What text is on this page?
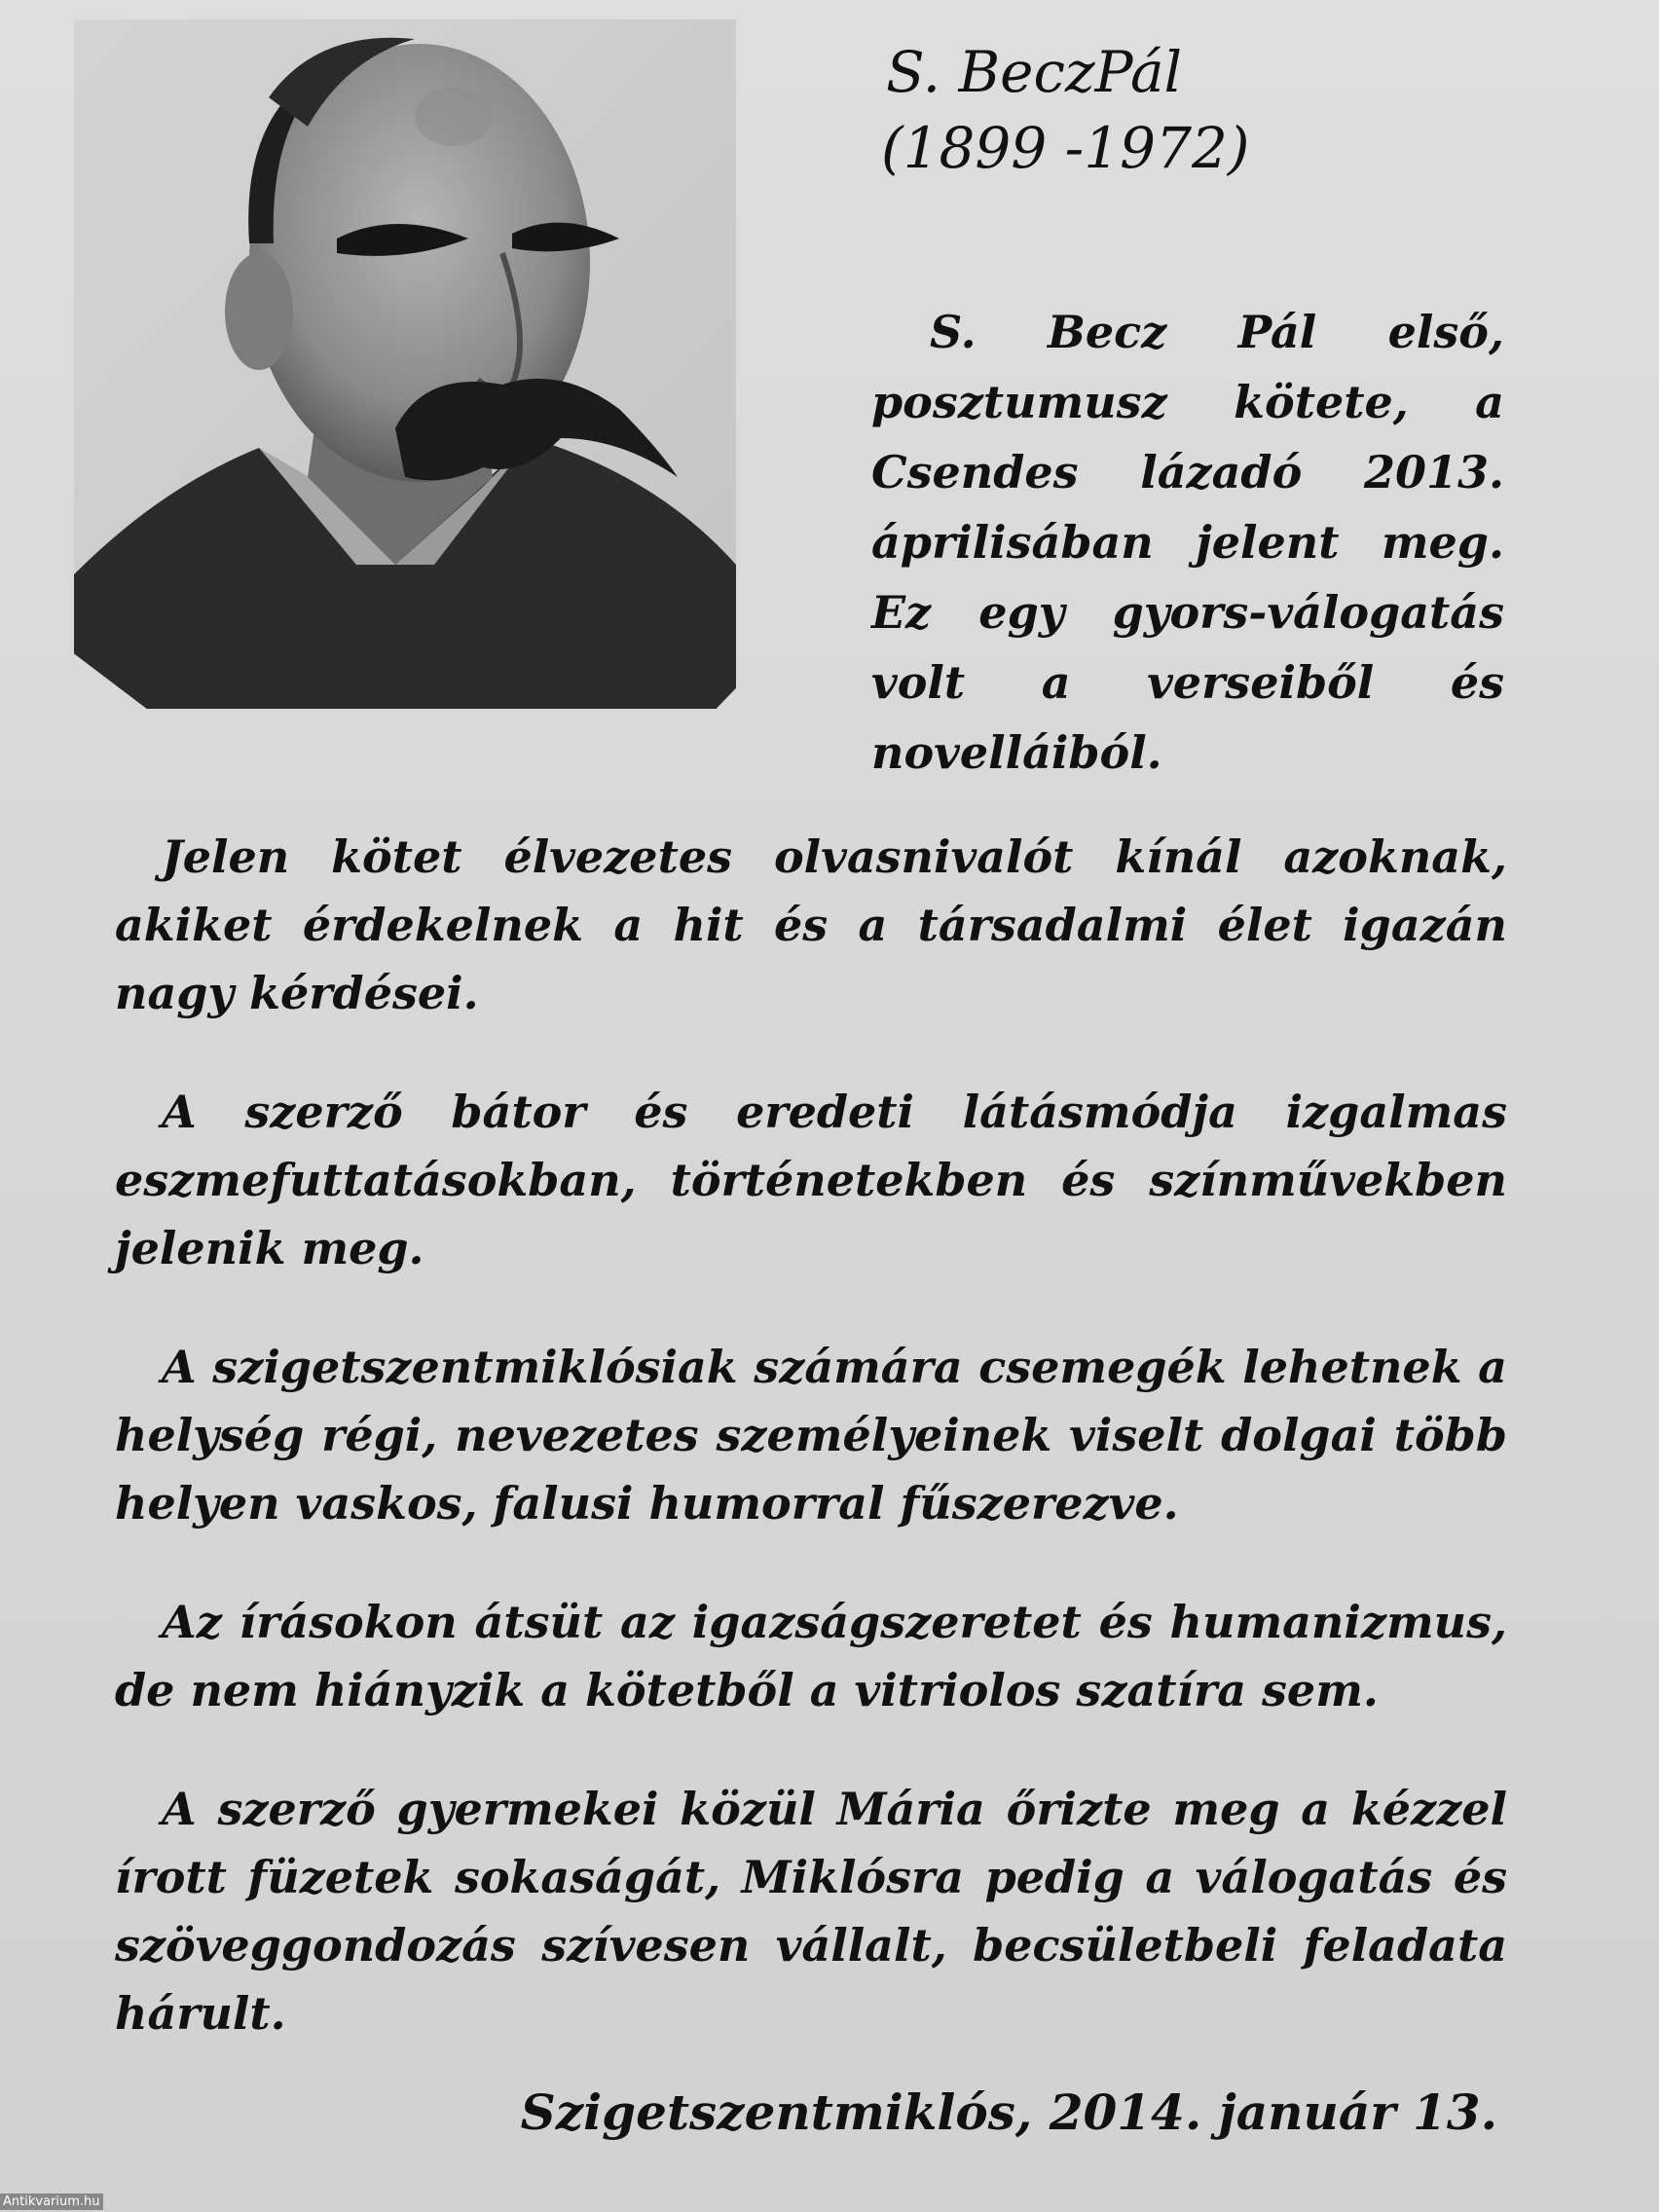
S. BeczPál
(1899 -1972)

S. Becz Pál első, posztumusz kötete, a Csendes lázadó 2013. áprilisában jelent meg. Ez egy gyors-válogatás volt a verseiből és novelláiból.

Jelen kötet élvezetes olvasnivalót kínál azoknak, akiket érdekelnek a hit és a társadalmi élet igazán nagy kérdései.

A szerző bátor és eredeti látásmódja izgalmas eszmefuttatásokban, történetekben és színművekben jelenik meg.

A szigetszentmiklósiak számára csemegék lehetnek a helység régi, nevezetes személyeinek viselt dolgai több helyen vaskos, falusi humorral fűszerezve.

Az írásokon átsüt az igazságszeretet és humanizmus, de nem hiányzik a kötetből a vitriolos szatíra sem.

A szerző gyermekei közül Mária őrizte meg a kézzel írott füzetek sokaságát, Miklósra pedig a válogatás és szöveggondozás szívesen vállalt, becsületbeli feladata hárult.

Szigetszentmiklós, 2014. január 13.

Antikvarium.hu
